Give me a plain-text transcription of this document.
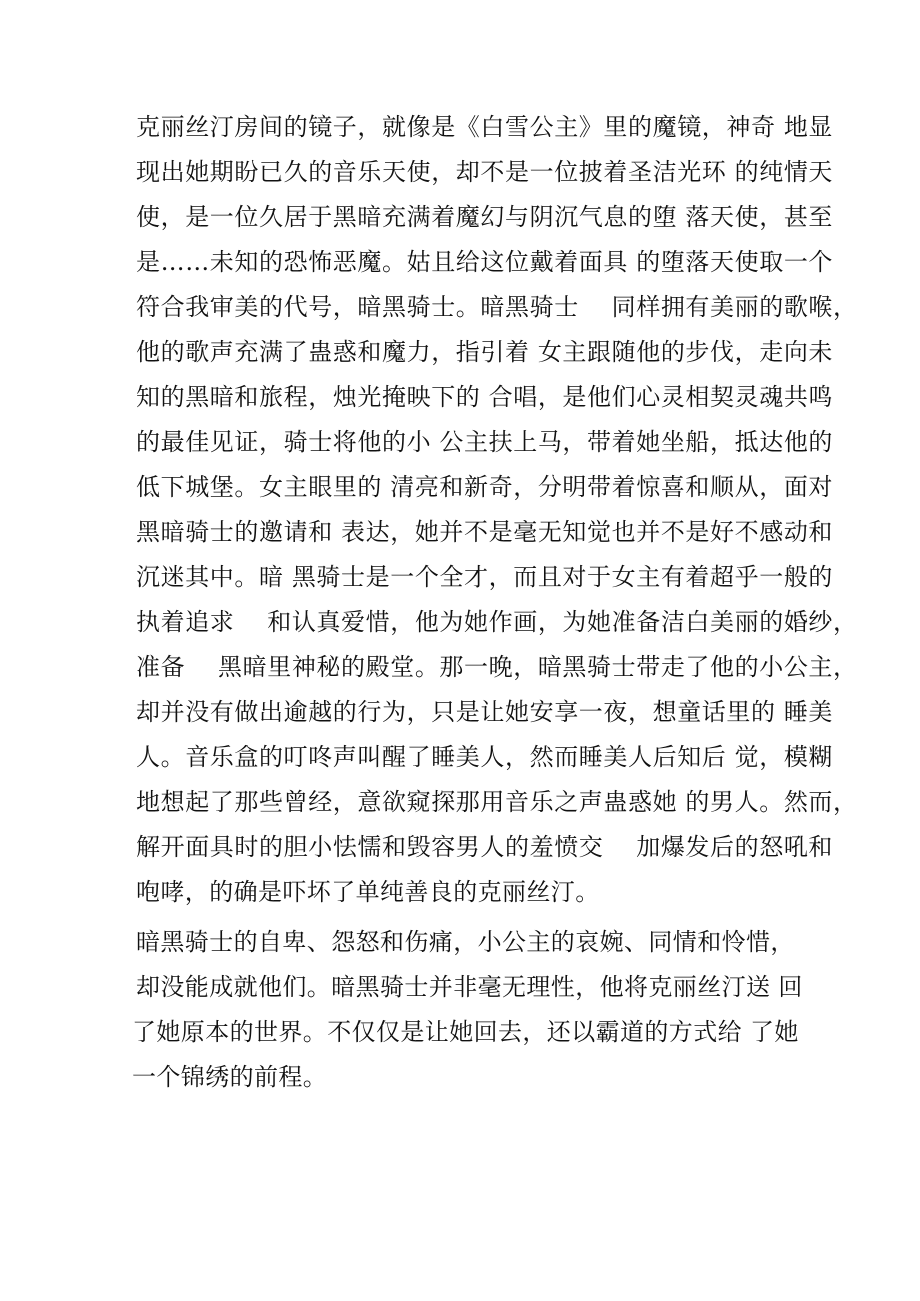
克丽丝汀房间的镜子，就像是《白雪公主》里的魔镜，神奇 地显
现出她期盼已久的音乐天使，却不是一位披着圣洁光环 的纯情天
使，是一位久居于黑暗充满着魔幻与阴沉气息的堕 落天使，甚至
是……未知的恐怖恶魔。姑且给这位戴着面具 的堕落天使取一个
符合我审美的代号，暗黑骑士。暗黑骑士　 同样拥有美丽的歌喉，
他的歌声充满了蛊惑和魔力，指引着 女主跟随他的步伐，走向未
知的黑暗和旅程，烛光掩映下的 合唱，是他们心灵相契灵魂共鸣
的最佳见证，骑士将他的小 公主扶上马，带着她坐船，抵达他的
低下城堡。女主眼里的 清亮和新奇，分明带着惊喜和顺从，面对
黑暗骑士的邀请和 表达，她并不是毫无知觉也并不是好不感动和
沉迷其中。暗 黑骑士是一个全才，而且对于女主有着超乎一般的
执着追求　 和认真爱惜，他为她作画，为她准备洁白美丽的婚纱，
准备　 黑暗里神秘的殿堂。那一晚，暗黑骑士带走了他的小公主，
却并没有做出逾越的行为，只是让她安享一夜，想童话里的 睡美
人。音乐盒的叮咚声叫醒了睡美人，然而睡美人后知后 觉，模糊
地想起了那些曾经，意欲窥探那用音乐之声蛊惑她 的男人。然而，
解开面具时的胆小怯懦和毁容男人的羞愤交　 加爆发后的怒吼和
咆哮，的确是吓坏了单纯善良的克丽丝汀。
暗黑骑士的自卑、怨怒和伤痛，小公主的哀婉、同情和怜惜，
却没能成就他们。暗黑骑士并非毫无理性，他将克丽丝汀送 回
了她原本的世界。不仅仅是让她回去，还以霸道的方式给 了她
一个锦绣的前程。
